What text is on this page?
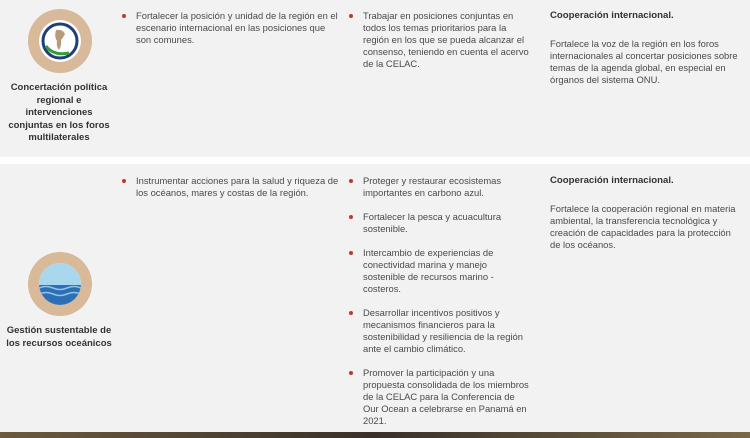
Concertación política regional e intervenciones conjuntas en los foros multilaterales
Fortalecer la posición y unidad de la región en el escenario internacional en las posiciones que son comunes.
Trabajar en posiciones conjuntas en todos los temas prioritarios para la región en los que se pueda alcanzar el consenso, teniendo en cuenta el acervo de la CELAC.
Cooperación internacional.
Fortalece la voz de la región en los foros internacionales al concertar posiciones sobre temas de la agenda global, en especial en órganos del sistema ONU.
Gestión sustentable de los recursos oceánicos
Instrumentar acciones para la salud y riqueza de los océanos, mares y costas de la región.
Proteger y restaurar ecosistemas importantes en carbono azul.
Fortalecer la pesca y acuacultura sostenible.
Intercambio de experiencias de conectividad marina y manejo sostenible de recursos marino - costeros.
Desarrollar incentivos positivos y mecanismos financieros para la sostenibilidad y resiliencia de la región ante el cambio climático.
Promover la participación y una propuesta consolidada de los miembros de la CELAC para la Conferencia de Our Ocean a celebrarse en Panamá en 2021.
Cooperación internacional.
Fortalece la cooperación regional en materia ambiental, la transferencia tecnológica y creación de capacidades para la protección de los océanos.
